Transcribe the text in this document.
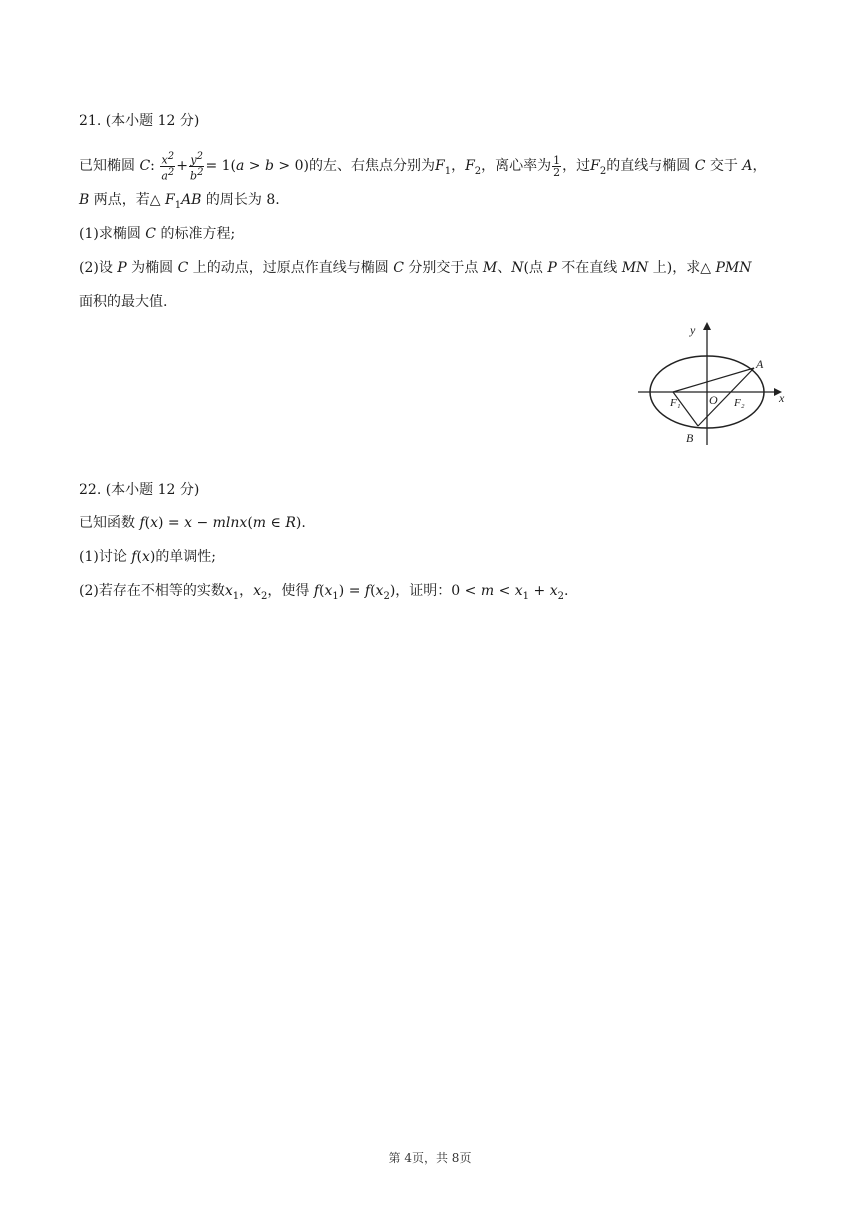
21. (本小题 12 分)
已知椭圆 C: $\frac{x^2}{a^2} + \frac{y^2}{b^2} = 1(a > b > 0)$的左、右焦点分别为$F_1$，$F_2$，离心率为 $\frac{1}{2}$ ，过$F_2$的直线与椭圆 C 交于 A，
B 两点，若△ $F_1AB$ 的周长为 8.
(1)求椭圆 C 的标准方程;
(2)设 P 为椭圆 C 上的动点，过原点作直线与椭圆 C 分别交于点 M、N(点 P 不在直线 MN 上)，求△ PMN
面积的最大值.
y
x
A
B
O
F₁	F₂
22. (本小题 12 分)
已知函数 f(x) = x − mlnx(m ∈ R).
(1)讨论 f(x)的单调性;
(2)若存在不相等的实数$x_1$，$x_2$，使得 $f(x_1) = f(x_2)$，证明：$0 < m < x_1 + x_2$.
第 4页，共 8页
